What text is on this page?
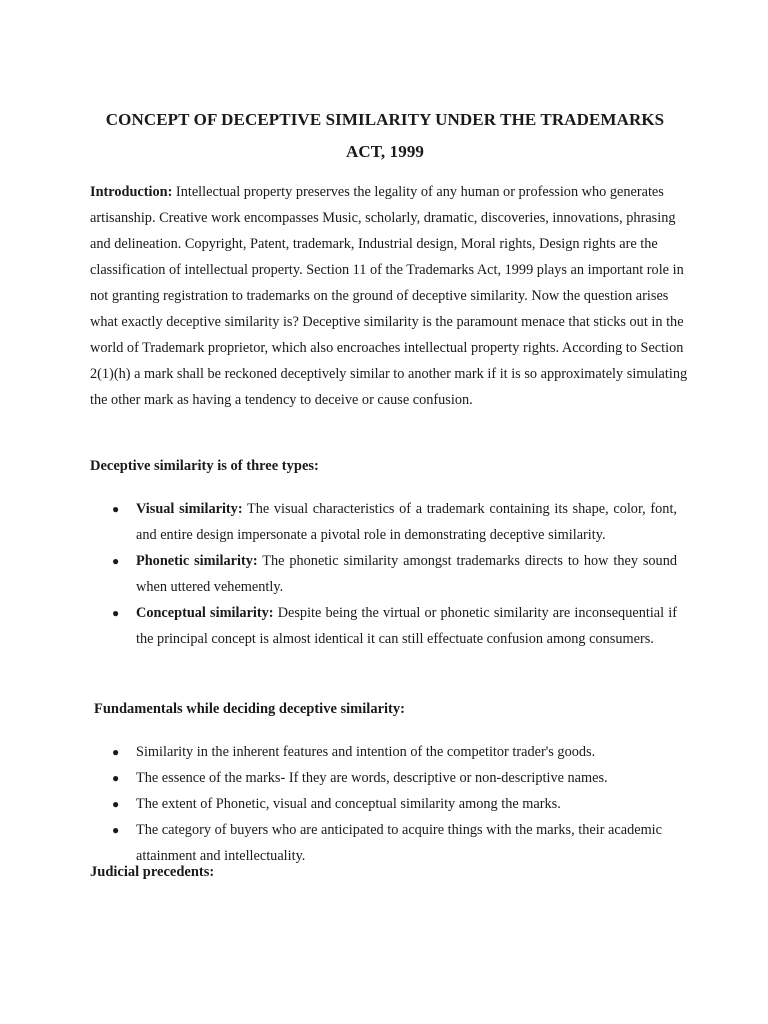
CONCEPT OF DECEPTIVE SIMILARITY UNDER THE TRADEMARKS ACT, 1999

Introduction: Intellectual property preserves the legality of any human or profession who generates artisanship. Creative work encompasses Music, scholarly, dramatic, discoveries, innovations, phrasing and delineation. Copyright, Patent, trademark, Industrial design, Moral rights, Design rights are the classification of intellectual property. Section 11 of the Trademarks Act, 1999 plays an important role in not granting registration to trademarks on the ground of deceptive similarity. Now the question arises what exactly deceptive similarity is? Deceptive similarity is the paramount menace that sticks out in the world of Trademark proprietor, which also encroaches intellectual property rights. According to Section 2(1)(h) a mark shall be reckoned deceptively similar to another mark if it is so approximately simulating the other mark as having a tendency to deceive or cause confusion.

Deceptive similarity is of three types:
● Visual similarity: The visual characteristics of a trademark containing its shape, color, font, and entire design impersonate a pivotal role in demonstrating deceptive similarity.
● Phonetic similarity: The phonetic similarity amongst trademarks directs to how they sound when uttered vehemently.
● Conceptual similarity: Despite being the virtual or phonetic similarity are inconsequential if the principal concept is almost identical it can still effectuate confusion among consumers.
Fundamentals while deciding deceptive similarity:
● Similarity in the inherent features and intention of the competitor trader's goods.
● The essence of the marks- If they are words, descriptive or non-descriptive names.
● The extent of Phonetic, visual and conceptual similarity among the marks.
● The category of buyers who are anticipated to acquire things with the marks, their academic attainment and intellectuality.
Judicial precedents:
